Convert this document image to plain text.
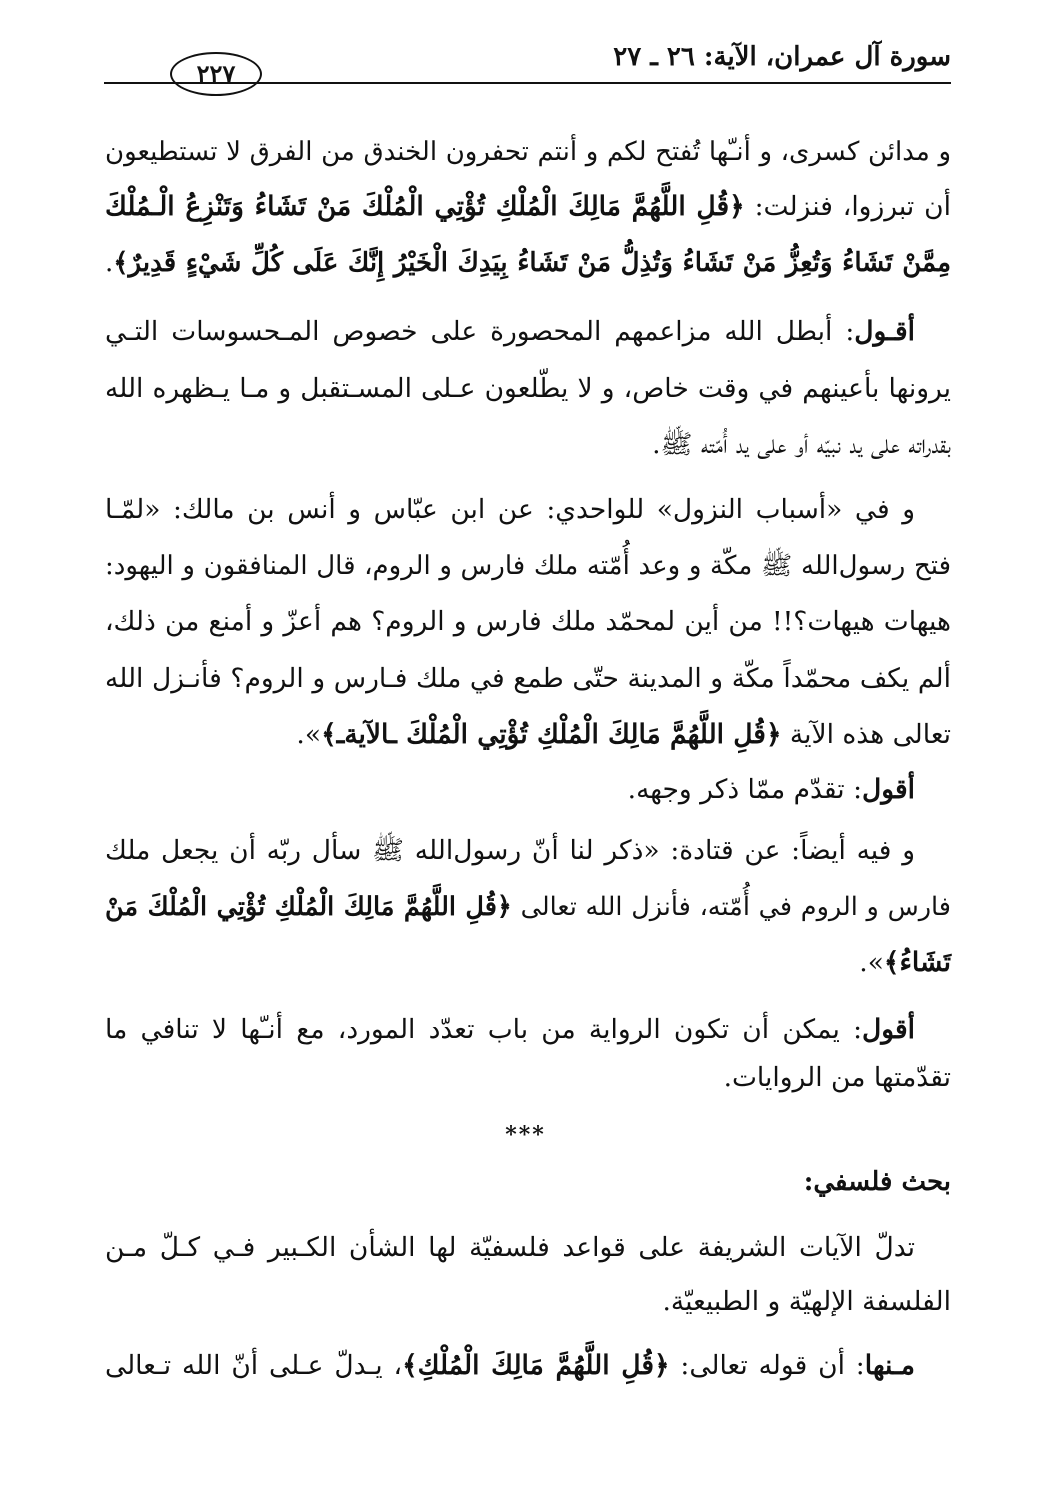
سورة آل عمران، الآية: ٢٦ ـ ٢٧
٢٢٧
و مدائن كسرى، و أنـّها تُفتح لكم و أنتم تحفرون الخندق من الفرق لا تستطيعون
أن تبرزوا، فنزلت: ﴿قُلِ اللَّهُمَّ مَالِكَ الْمُلْكِ تُؤْتِي الْمُلْكَ مَنْ تَشَاءُ وَتَنْزِعُ الْـمُلْكَ
مِمَّنْ تَشَاءُ وَتُعِزُّ مَنْ تَشَاءُ وَتُذِلُّ مَنْ تَشَاءُ بِيَدِكَ الْخَيْرُ إِنَّكَ عَلَى كُلِّ شَيْءٍ قَدِيرٌ﴾.
أقـول: أبطل الله مزاعمهم المحصورة على خصوص المـحسوسات التـي
يرونها بأعينهم في وقت خاص، و لا يطّلعون عـلى المسـتقبل و مـا يـظهره الله
بقدراته على يد نبيّه أو على يد أُمّته ﷺ.
و في «أسباب النزول» للواحدي: عن ابن عبّاس و أنس بن مالك: «لمّـا
فتح رسول‌الله ﷺ مكّة و وعد أُمّته ملك فارس و الروم، قال المنافقون و اليهود:
هيهات هيهات؟!! من أين لمحمّد ملك فارس و الروم؟ هم أعزّ و أمنع من ذلك،
ألم يكف محمّداً مكّة و المدينة حتّى طمع في ملك فـارس و الروم؟ فأنـزل الله
تعالى هذه الآية ﴿قُلِ اللَّهُمَّ مَالِكَ الْمُلْكِ تُؤْتِي الْمُلْكَ ـالآيةـ﴾».
أقول: تقدّم ممّا ذكر وجهه.
و فيه أيضاً: عن قتادة: «ذكر لنا أنّ رسول‌الله ﷺ سأل ربّه أن يجعل ملك
فارس و الروم في أُمّته، فأنزل الله تعالى ﴿قُلِ اللَّهُمَّ مَالِكَ الْمُلْكِ تُؤْتِي الْمُلْكَ مَنْ
تَشَاءُ﴾».
أقول: يمكن أن تكون الرواية من باب تعدّد المورد، مع أنـّها لا تنافي ما
تقدّمتها من الروايات.
***
بحث فلسفي:
تدلّ الآيات الشريفة على قواعد فلسفيّة لها الشأن الكـبير فـي كـلّ مـن
الفلسفة الإلهيّة و الطبيعيّة.
مـنها: أن قوله تعالى: ﴿قُلِ اللَّهُمَّ مَالِكَ الْمُلْكِ﴾، يـدلّ عـلى أنّ الله تـعالى
